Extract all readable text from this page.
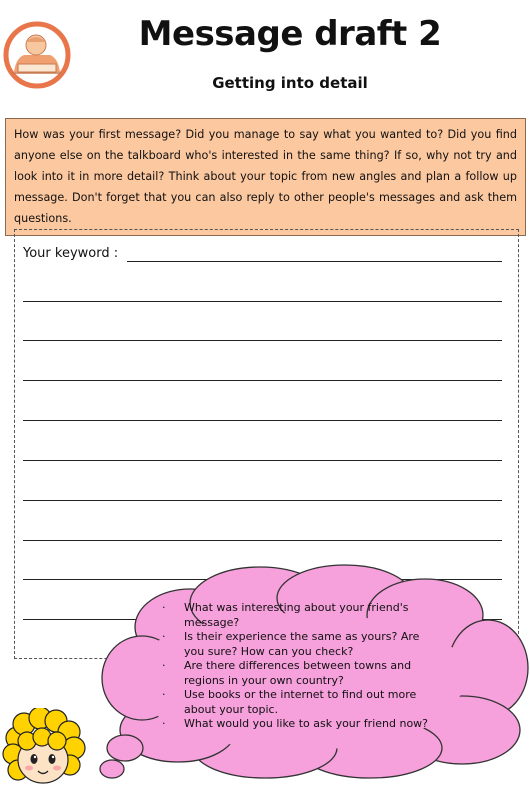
Message draft 2
Getting into detail

How was your first message? Did you manage to say what you wanted to? Did you find anyone else on the talkboard who's interested in the same thing? If so, why not try and look into it in more detail? Think about your topic from new angles and plan a follow up message. Don't forget that you can also reply to other people's messages and ask them questions.

Your keyword :
· What was interesting about your friend's message?
· Is their experience the same as yours? Are you sure? How can you check?
· Are there differences between towns and regions in your own country?
· Use books or the internet to find out more about your topic.
· What would you like to ask your friend now?
